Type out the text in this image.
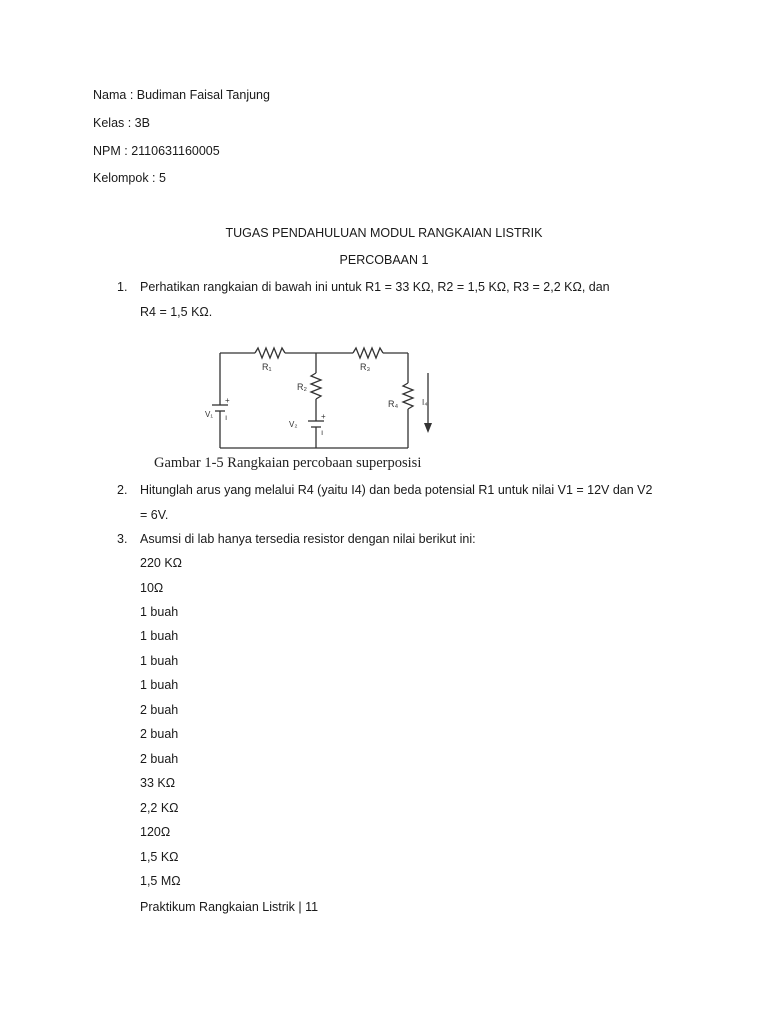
Nama : Budiman Faisal Tanjung
Kelas : 3B
NPM : 2110631160005
Kelompok : 5
TUGAS PENDAHULUAN MODUL RANGKAIAN LISTRIK
PERCOBAAN 1
1. Perhatikan rangkaian di bawah ini untuk R1 = 33 KΩ, R2 = 1,5 KΩ, R3 = 2,2 KΩ, dan
R4 = 1,5 KΩ.
R₁	R₃
R₂
R₄
V₁
V₂
I₄
+
ı	+
ı
Gambar 1-5 Rangkaian percobaan superposisi
2. Hitunglah arus yang melalui R4 (yaitu I4) dan beda potensial R1 untuk nilai V1 = 12V dan V2
= 6V.
3. Asumsi di lab hanya tersedia resistor dengan nilai berikut ini:
220 KΩ
10Ω
1 buah
1 buah
1 buah
1 buah
2 buah
2 buah
2 buah
33 KΩ
2,2 KΩ
120Ω
1,5 KΩ
1,5 MΩ
Praktikum Rangkaian Listrik | 11
